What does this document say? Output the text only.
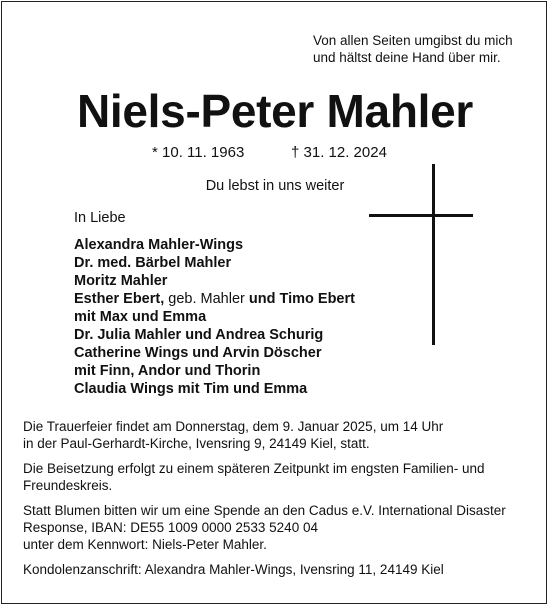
Von allen Seiten umgibst du mich
und hältst deine Hand über mir.
Niels-Peter Mahler
* 10. 11. 1963	† 31. 12. 2024
Du lebst in uns weiter
In Liebe
Alexandra Mahler-Wings
Dr. med. Bärbel Mahler
Moritz Mahler
Esther Ebert, geb. Mahler und Timo Ebert
mit Max und Emma
Dr. Julia Mahler und Andrea Schurig
Catherine Wings und Arvin Döscher
mit Finn, Andor und Thorin
Claudia Wings mit Tim und Emma
Die Trauerfeier findet am Donnerstag, dem 9. Januar 2025, um 14 Uhr
in der Paul-Gerhardt-Kirche, Ivensring 9, 24149 Kiel, statt.
Die Beisetzung erfolgt zu einem späteren Zeitpunkt im engsten Familien- und
Freundeskreis.
Statt Blumen bitten wir um eine Spende an den Cadus e.V. International Disaster
Response, IBAN: DE55 1009 0000 2533 5240 04
unter dem Kennwort: Niels-Peter Mahler.
Kondolenzanschrift: Alexandra Mahler-Wings, Ivensring 11, 24149 Kiel
